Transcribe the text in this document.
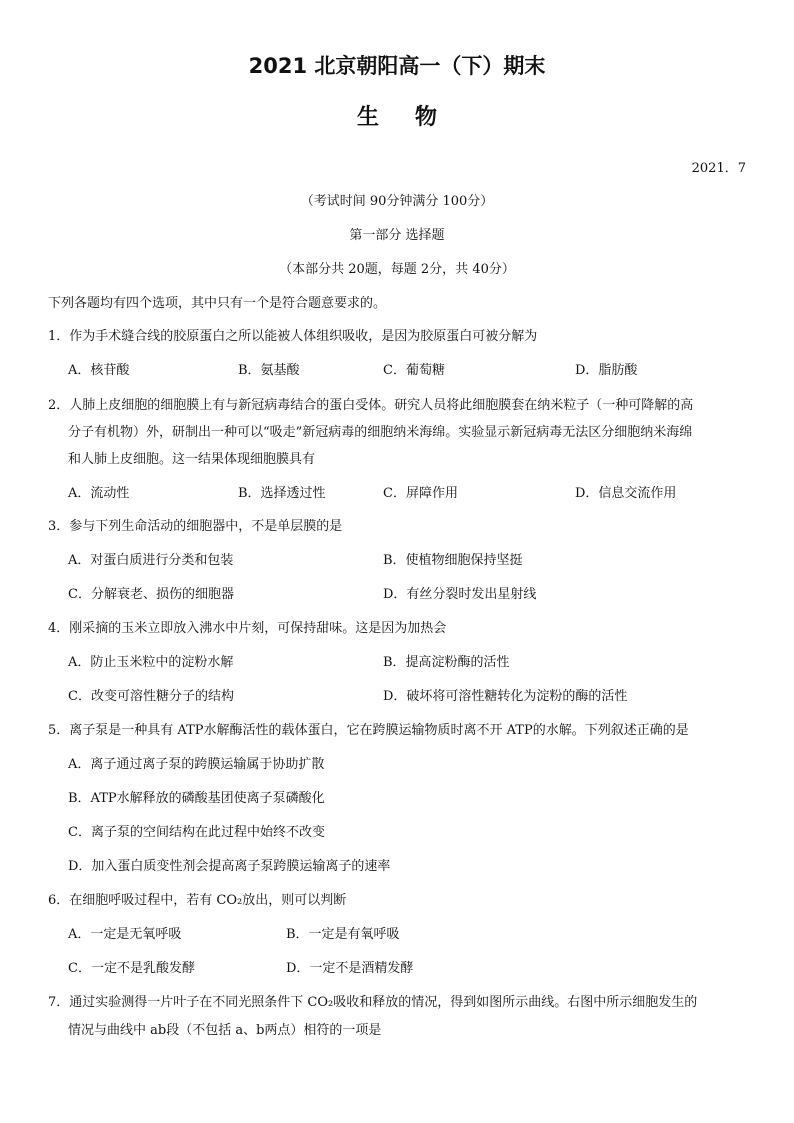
2021 北京朝阳高一（下）期末
生物
2021．7
（考试时间 90分钟满分 100分）
第一部分 选择题
（本部分共 20题，每题 2分，共 40分）
下列各题均有四个选项，其中只有一个是符合题意要求的。
1．作为手术缝合线的胶原蛋白之所以能被人体组织吸收，是因为胶原蛋白可被分解为
A．核苷酸	B．氨基酸	C．葡萄糖	D．脂肪酸
2．人肺上皮细胞的细胞膜上有与新冠病毒结合的蛋白受体。研究人员将此细胞膜套在纳米粒子（一种可降解的高
分子有机物）外，研制出一种可以“吸走”新冠病毒的细胞纳米海绵。实验显示新冠病毒无法区分细胞纳米海绵
和人肺上皮细胞。这一结果体现细胞膜具有
A．流动性	B．选择透过性	C．屏障作用	D．信息交流作用
3．参与下列生命活动的细胞器中，不是单层膜的是
A．对蛋白质进行分类和包装	B．使植物细胞保持坚挺
C．分解衰老、损伤的细胞器	D．有丝分裂时发出星射线
4．刚采摘的玉米立即放入沸水中片刻，可保持甜味。这是因为加热会
A．防止玉米粒中的淀粉水解	B．提高淀粉酶的活性
C．改变可溶性糖分子的结构	D．破坏将可溶性糖转化为淀粉的酶的活性
5．离子泵是一种具有 ATP水解酶活性的载体蛋白，它在跨膜运输物质时离不开 ATP的水解。下列叙述正确的是
A．离子通过离子泵的跨膜运输属于协助扩散
B．ATP水解释放的磷酸基团使离子泵磷酸化
C．离子泵的空间结构在此过程中始终不改变
D．加入蛋白质变性剂会提高离子泵跨膜运输离子的速率
6．在细胞呼吸过程中，若有 CO₂放出，则可以判断
A．一定是无氧呼吸	B．一定是有氧呼吸
C．一定不是乳酸发酵	D．一定不是酒精发酵
7．通过实验测得一片叶子在不同光照条件下 CO₂吸收和释放的情况，得到如图所示曲线。右图中所示细胞发生的
情况与曲线中 ab段（不包括 a、b两点）相符的一项是
